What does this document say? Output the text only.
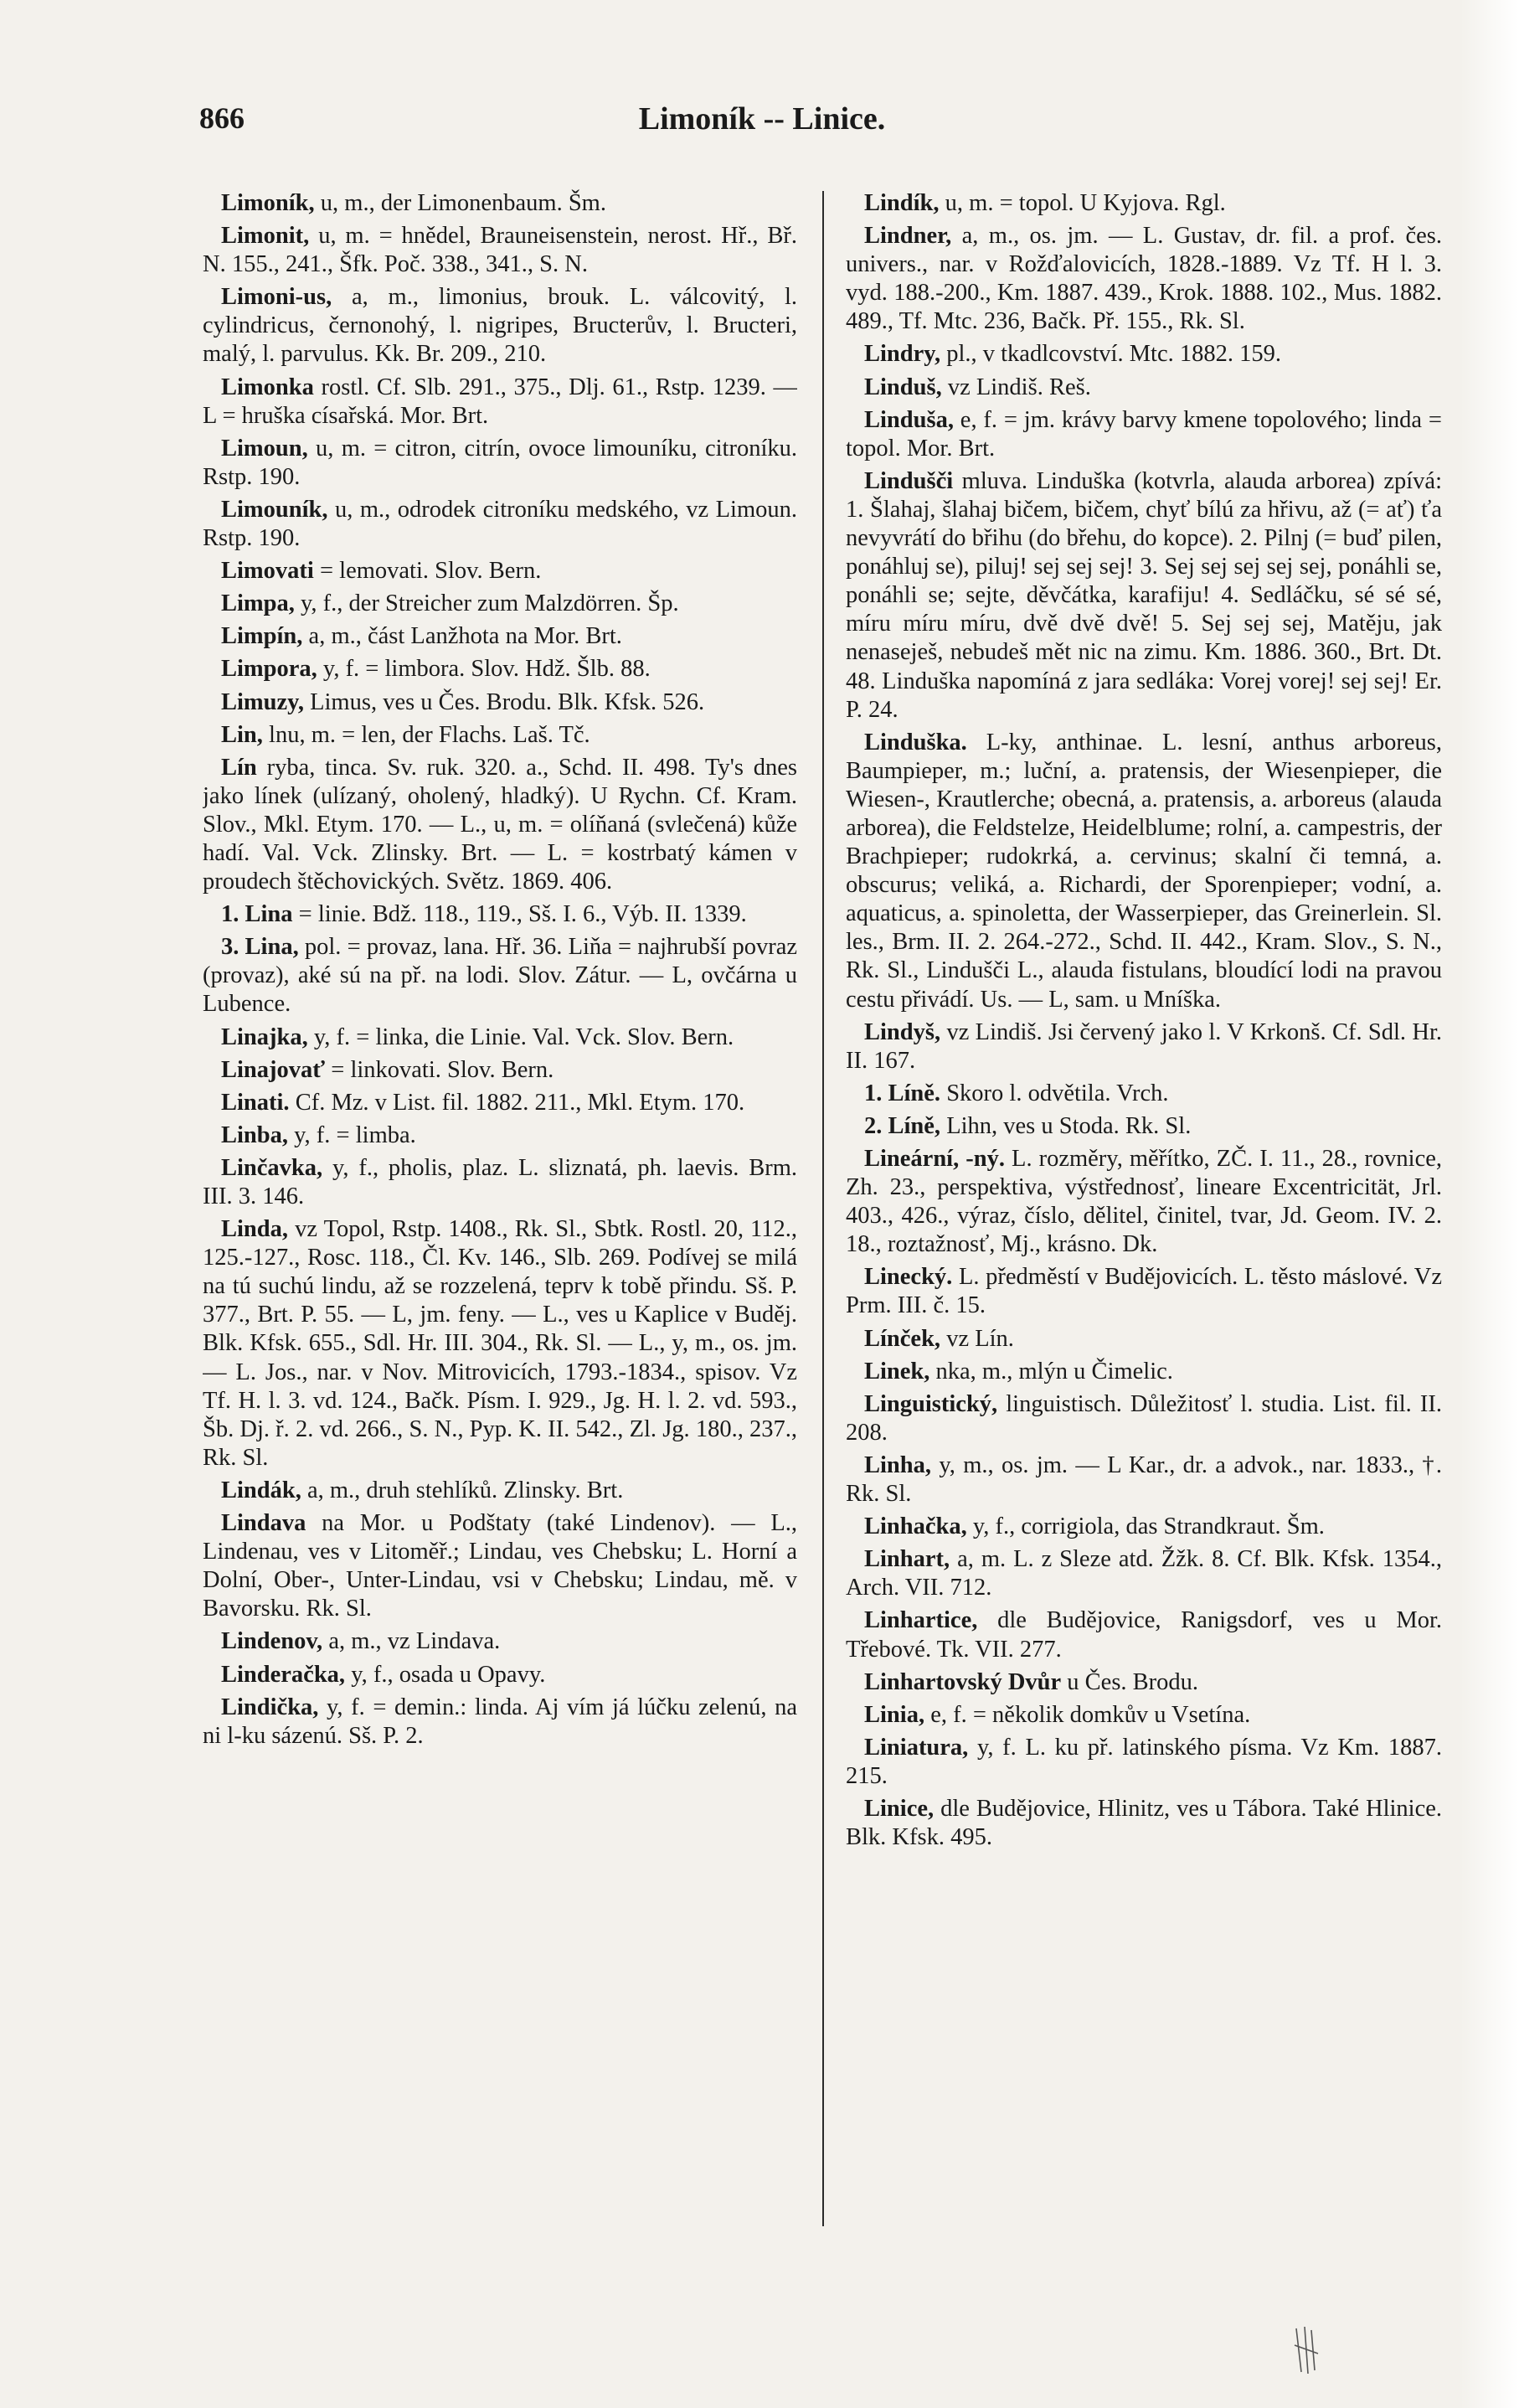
866	Limoník -- Linice.

Limoník, u, m., der Limonenbaum. Šm.

Limonit, u, m. = hnědel, Brauneisenstein, nerost. Hř., Bř. N. 155., 241., Šfk. Poč. 338., 341., S. N.

Limoni-us, a, m., limonius, brouk. L. válcovitý, l. cylindricus, černonohý, l. nigripes, Bructerův, l. Bructeri, malý, l. parvulus. Kk. Br. 209., 210.

Limonka rostl. Cf. Slb. 291., 375., Dlj. 61., Rstp. 1239. — L = hruška císařská. Mor. Brt.

Limoun, u, m. = citron, citrín, ovoce limouníku, citroníku. Rstp. 190.

Limouník, u, m., odrodek citroníku medského, vz Limoun. Rstp. 190.

Limovati = lemovati. Slov. Bern.

Limpa, y, f., der Streicher zum Malzdörren. Šp.

Limpín, a, m., část Lanžhota na Mor. Brt.

Limpora, y, f. = limbora. Slov. Hdž. Šlb. 88.

Limuzy, Limus, ves u Čes. Brodu. Blk. Kfsk. 526.

Lin, lnu, m. = len, der Flachs. Laš. Tč.

Lín ryba, tinca. Sv. ruk. 320. a., Schd. II. 498. Ty's dnes jako línek (ulízaný, oholený, hladký). U Rychn. Cf. Kram. Slov., Mkl. Etym. 170. — L., u, m. = olíňaná (svlečená) kůže hadí. Val. Vck. Zlinsky. Brt. — L. = kostrbatý kámen v proudech štěchovických. Světz. 1869. 406.

1. Lina = linie. Bdž. 118., 119., Sš. I. 6., Výb. II. 1339.

3. Lina, pol. = provaz, lana. Hř. 36. Liňa = najhrubší povraz (provaz), aké sú na př. na lodi. Slov. Zátur. — L, ovčárna u Lubence.

Linajka, y, f. = linka, die Linie. Val. Vck. Slov. Bern.

Linajovať = linkovati. Slov. Bern.

Linati. Cf. Mz. v List. fil. 1882. 211., Mkl. Etym. 170.

Linba, y, f. = limba.

Linčavka, y, f., pholis, plaz. L. sliznatá, ph. laevis. Brm. III. 3. 146.

Linda, vz Topol, Rstp. 1408., Rk. Sl., Sbtk. Rostl. 20, 112., 125.-127., Rosc. 118., Čl. Kv. 146., Slb. 269. Podívej se milá na tú suchú lindu, až se rozzelená, teprv k tobě přindu. Sš. P. 377., Brt. P. 55. — L, jm. feny. — L., ves u Kaplice v Buděj. Blk. Kfsk. 655., Sdl. Hr. III. 304., Rk. Sl. — L., y, m., os. jm. — L. Jos., nar. v Nov. Mitrovicích, 1793.-1834., spisov. Vz Tf. H. l. 3. vd. 124., Bačk. Písm. I. 929., Jg. H. l. 2. vd. 593., Šb. Dj. ř. 2. vd. 266., S. N., Pyp. K. II. 542., Zl. Jg. 180., 237., Rk. Sl.

Lindák, a, m., druh stehlíků. Zlinsky. Brt.

Lindava na Mor. u Podštaty (také Lindenov). — L., Lindenau, ves v Litoměř.; Lindau, ves Chebsku; L. Horní a Dolní, Ober-, Unter-Lindau, vsi v Chebsku; Lindau, mě. v Bavorsku. Rk. Sl.

Lindenov, a, m., vz Lindava.

Linderačka, y, f., osada u Opavy.

Lindička, y, f. = demin.: linda. Aj vím já lúčku zelenú, na ni l-ku sázenú. Sš. P. 2.

Lindík, u, m. = topol. U Kyjova. Rgl.

Lindner, a, m., os. jm. — L. Gustav, dr. fil. a prof. čes. univers., nar. v Rožďalovicích, 1828.-1889. Vz Tf. H l. 3. vyd. 188.-200., Km. 1887. 439., Krok. 1888. 102., Mus. 1882. 489., Tf. Mtc. 236, Bačk. Př. 155., Rk. Sl.

Lindry, pl., v tkadlcovství. Mtc. 1882. 159.

Linduš, vz Lindiš. Reš.

Linduša, e, f. = jm. krávy barvy kmene topolového; linda = topol. Mor. Brt.

Lindušči mluva. Linduška (kotvrla, alauda arborea) zpívá: 1. Šlahaj, šlahaj bičem, bičem, chyť bílú za hřivu, až (= ať) ťa nevyvrátí do břihu (do břehu, do kopce). 2. Pilnj (= buď pilen, ponáhluj se), piluj! sej sej sej! 3. Sej sej sej sej sej, ponáhli se, ponáhli se; sejte, děvčátka, karafiju! 4. Sedláčku, sé sé sé, míru míru míru, dvě dvě dvě! 5. Sej sej sej, Matěju, jak nenaseješ, nebudeš mět nic na zimu. Km. 1886. 360., Brt. Dt. 48. Linduška napomíná z jara sedláka: Vorej vorej! sej sej! Er. P. 24.

Linduška. L-ky, anthinae. L. lesní, anthus arboreus, Baumpieper, m.; luční, a. pratensis, der Wiesenpieper, die Wiesen-, Krautlerche; obecná, a. pratensis, a. arboreus (alauda arborea), die Feldstelze, Heidelblume; rolní, a. campestris, der Brachpieper; rudokrká, a. cervinus; skalní či temná, a. obscurus; veliká, a. Richardi, der Sporenpieper; vodní, a. aquaticus, a. spinoletta, der Wasserpieper, das Greinerlein. Sl. les., Brm. II. 2. 264.-272., Schd. II. 442., Kram. Slov., S. N., Rk. Sl., Lindušči L., alauda fistulans, bloudící lodi na pravou cestu přivádí. Us. — L, sam. u Mníška.

Lindyš, vz Lindiš. Jsi červený jako l. V Krkonš. Cf. Sdl. Hr. II. 167.

1. Líně. Skoro l. odvětila. Vrch.

2. Líně, Lihn, ves u Stoda. Rk. Sl.

Lineární, -ný. L. rozměry, měřítko, ZČ. I. 11., 28., rovnice, Zh. 23., perspektiva, výstřednosť, lineare Excentricität, Jrl. 403., 426., výraz, číslo, dělitel, činitel, tvar, Jd. Geom. IV. 2. 18., roztažnosť, Mj., krásno. Dk.

Linecký. L. předměstí v Budějovicích. L. těsto máslové. Vz Prm. III. č. 15.

Línček, vz Lín.

Linek, nka, m., mlýn u Čimelic.

Linguistický, linguistisch. Důležitosť l. studia. List. fil. II. 208.

Linha, y, m., os. jm. — L Kar., dr. a advok., nar. 1833., †. Rk. Sl.

Linhačka, y, f., corrigiola, das Strandkraut. Šm.

Linhart, a, m. L. z Sleze atd. Žžk. 8. Cf. Blk. Kfsk. 1354., Arch. VII. 712.

Linhartice, dle Budějovice, Ranigsdorf, ves u Mor. Třebové. Tk. VII. 277.

Linhartovský Dvůr u Čes. Brodu.

Linia, e, f. = několik domkův u Vsetína.

Liniatura, y, f. L. ku př. latinského písma. Vz Km. 1887. 215.

Linice, dle Budějovice, Hlinitz, ves u Tábora. Také Hlinice. Blk. Kfsk. 495.
